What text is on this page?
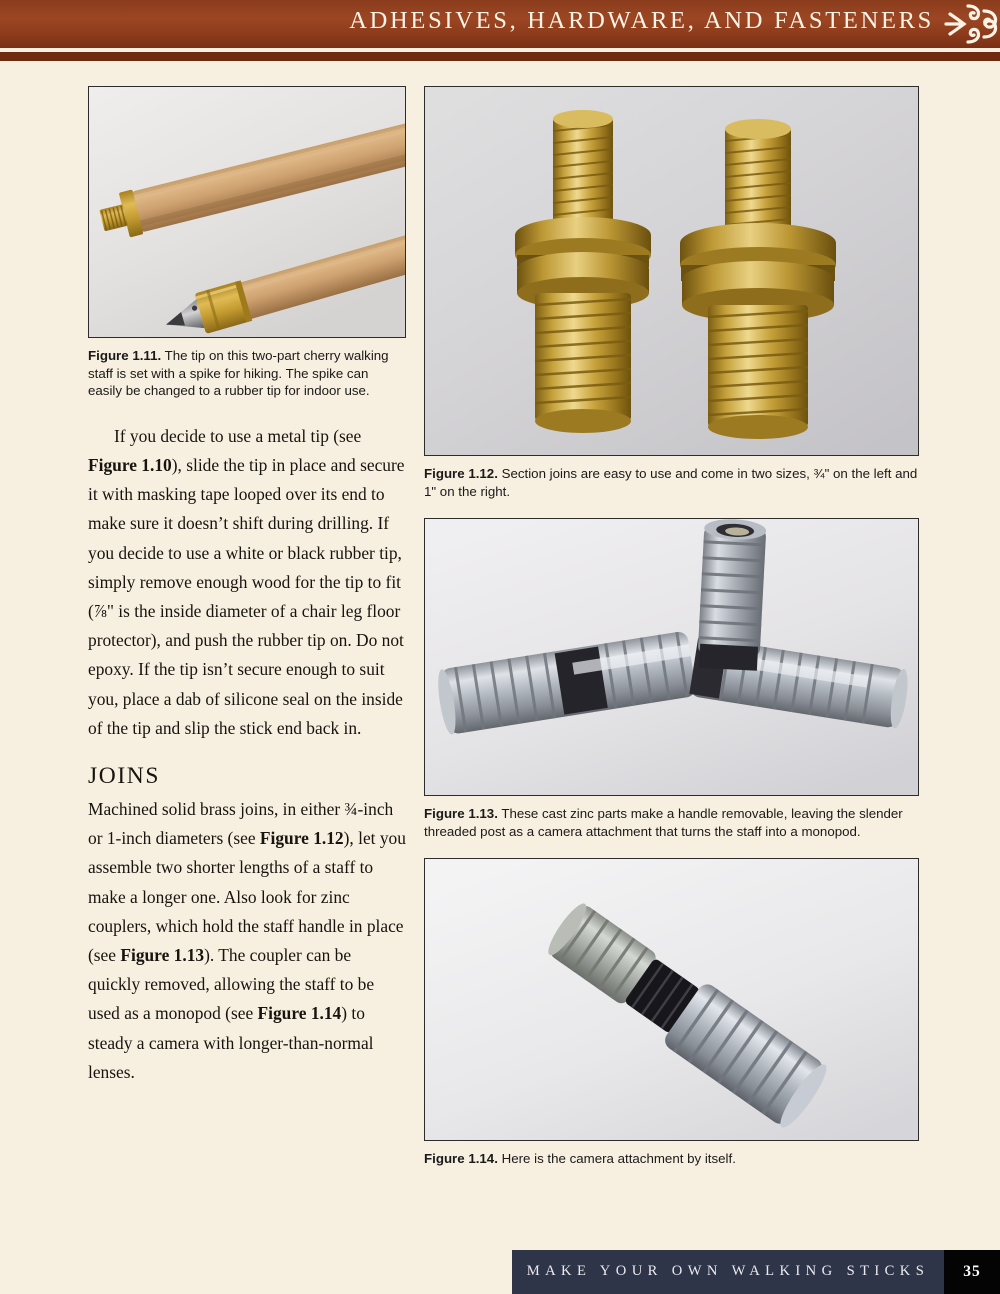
ADHESIVES, HARDWARE, AND FASTENERS
Figure 1.11. The tip on this two-part cherry walking staff is set with a spike for hiking. The spike can easily be changed to a rubber tip for indoor use.

If you decide to use a metal tip (see Figure 1.10), slide the tip in place and secure it with masking tape looped over its end to make sure it doesn’t shift during drilling. If you decide to use a white or black rubber tip, simply remove enough wood for the tip to fit (⅞" is the inside diameter of a chair leg floor protector), and push the rubber tip on. Do not epoxy. If the tip isn’t secure enough to suit you, place a dab of silicone seal on the inside of the tip and slip the stick end back in.

JOINS

Machined solid brass joins, in either ¾-inch or 1-inch diameters (see Figure 1.12), let you assemble two shorter lengths of a staff to make a longer one. Also look for zinc couplers, which hold the staff handle in place (see Figure 1.13). The coupler can be quickly removed, allowing the staff to be used as a monopod (see Figure 1.14) to steady a camera with longer-than-normal lenses.

Figure 1.12. Section joins are easy to use and come in two sizes, ¾" on the left and 1" on the right.
Figure 1.13. These cast zinc parts make a handle removable, leaving the slender threaded post as a camera attachment that turns the staff into a monopod.
Figure 1.14. Here is the camera attachment by itself.
MAKE YOUR OWN WALKING STICKS	35
